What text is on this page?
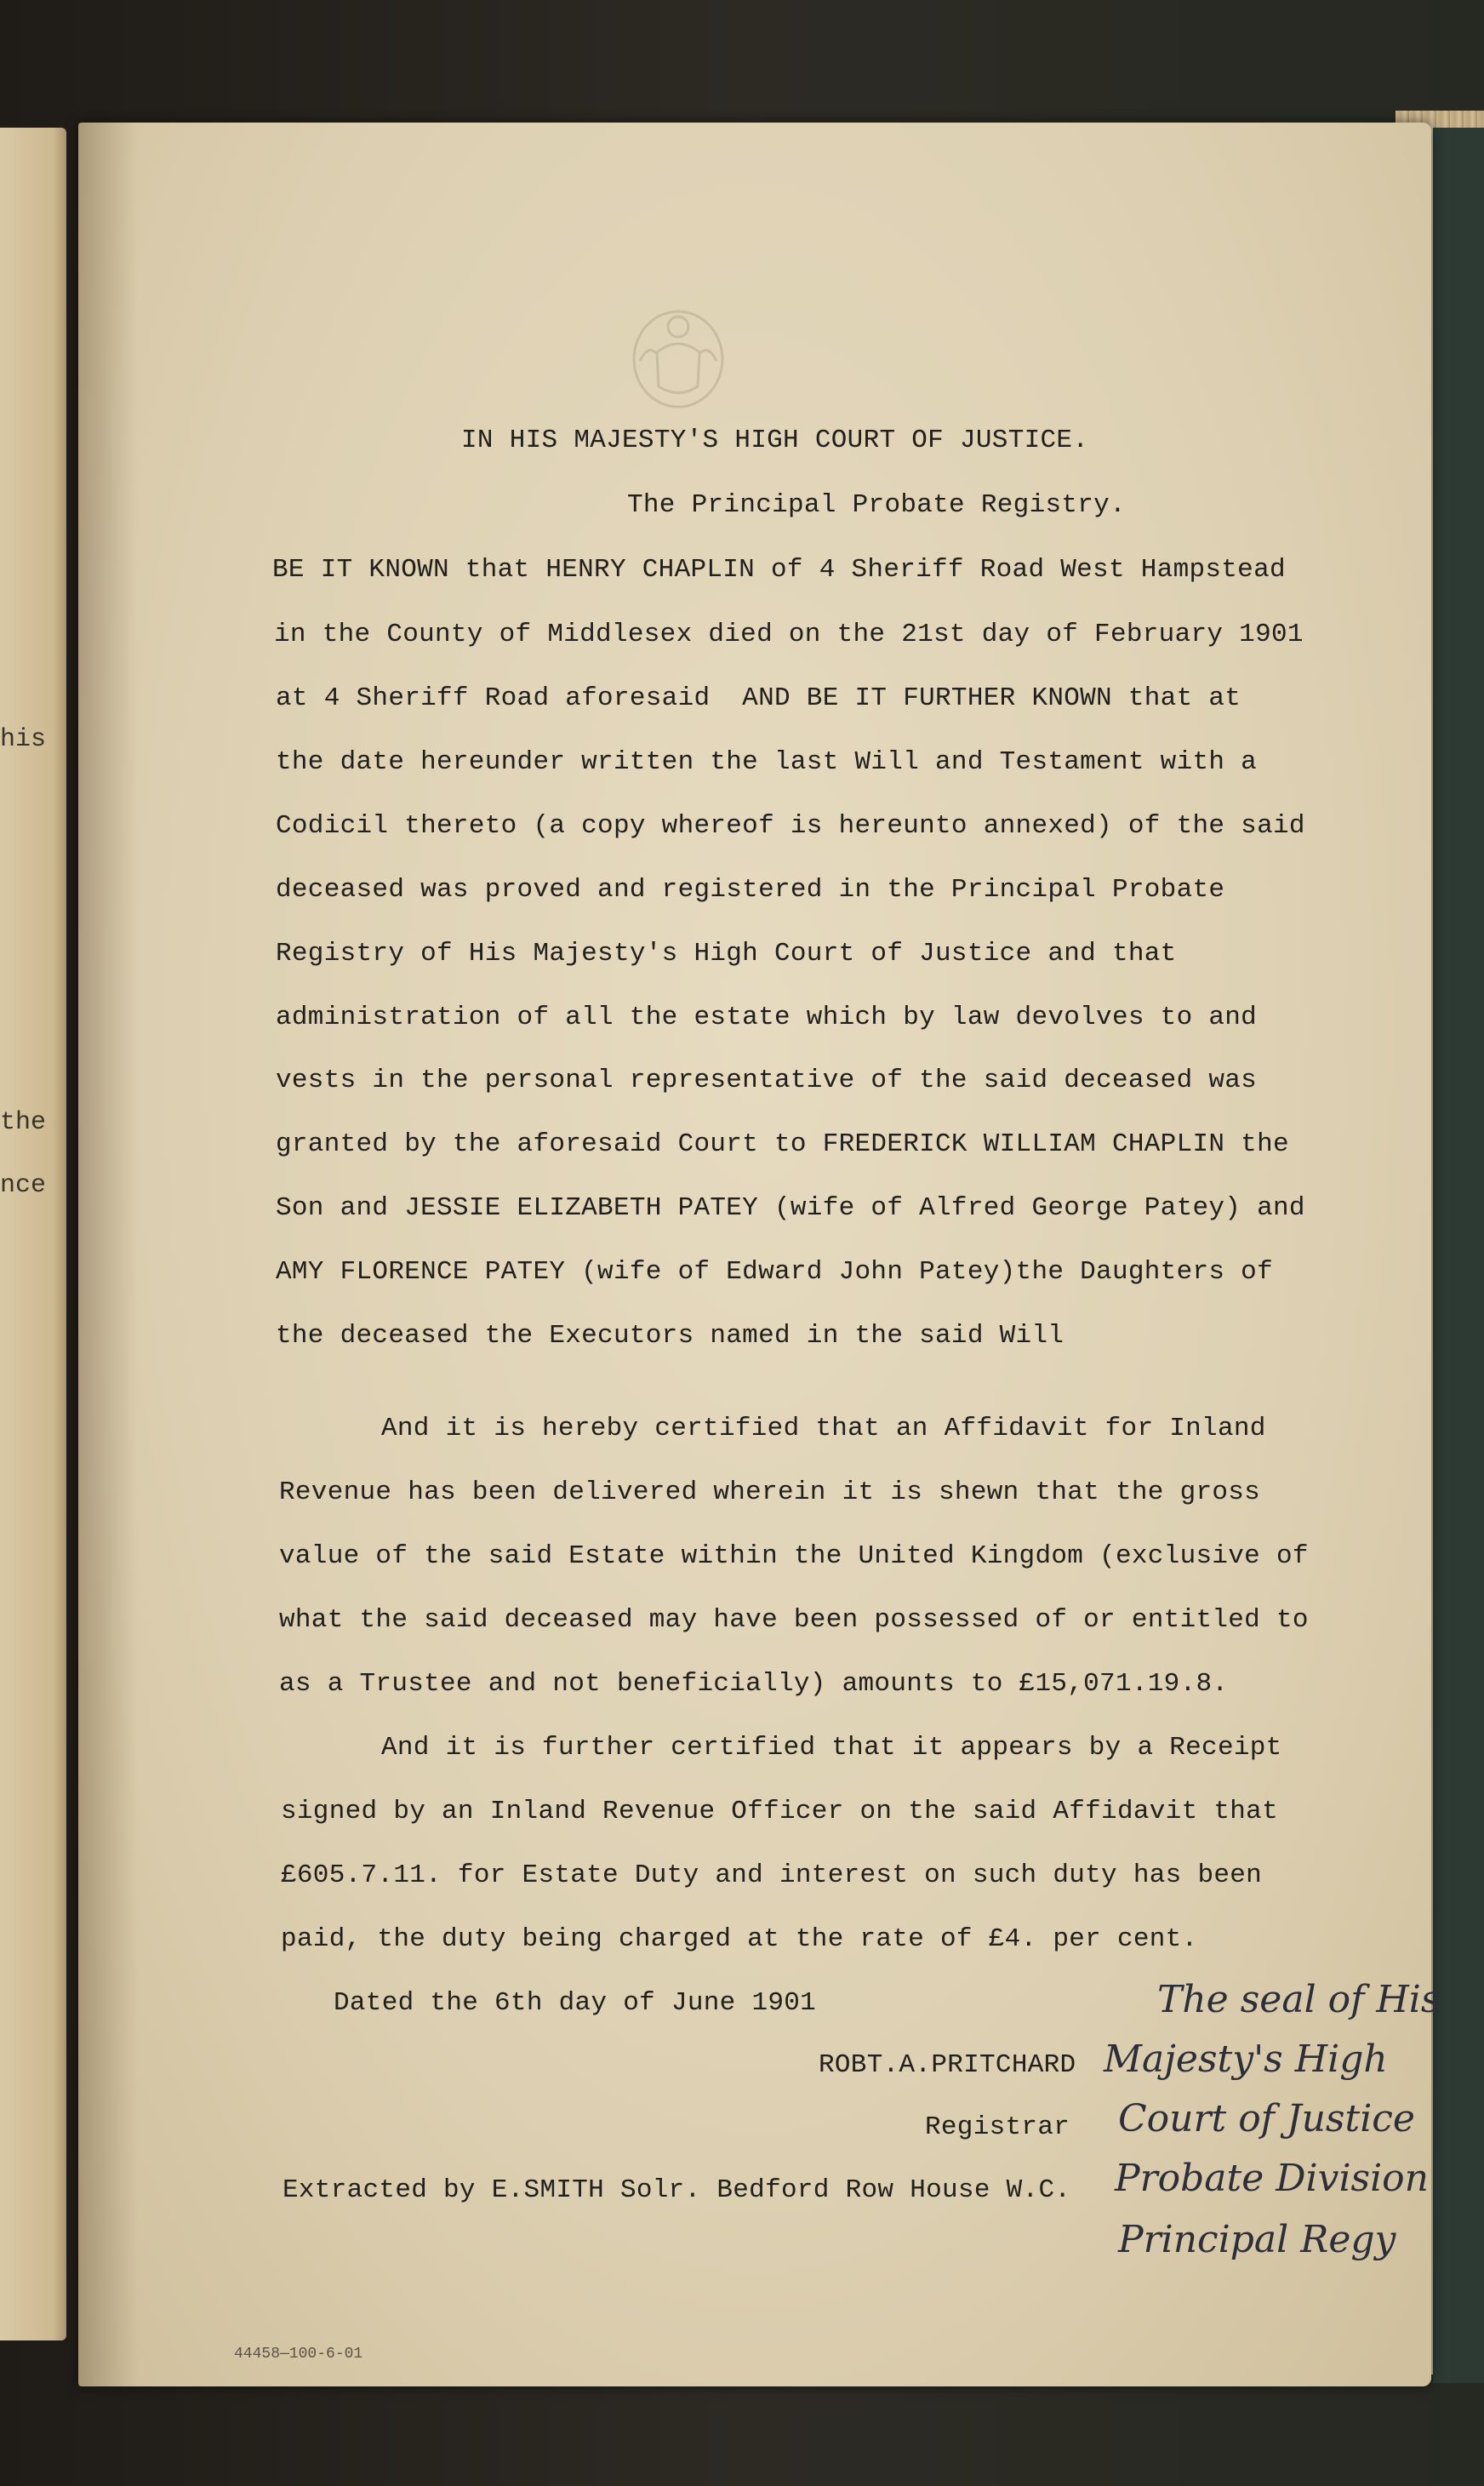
his
the
nce
IN HIS MAJESTY'S HIGH COURT OF JUSTICE.
The Principal Probate Registry.
BE IT KNOWN that HENRY CHAPLIN of 4 Sheriff Road West Hampstead
in the County of Middlesex died on the 21st day of February 1901
at 4 Sheriff Road aforesaid  AND BE IT FURTHER KNOWN that at
the date hereunder written the last Will and Testament with a
Codicil thereto (a copy whereof is hereunto annexed) of the said
deceased was proved and registered in the Principal Probate
Registry of His Majesty's High Court of Justice and that
administration of all the estate which by law devolves to and
vests in the personal representative of the said deceased was
granted by the aforesaid Court to FREDERICK WILLIAM CHAPLIN the
Son and JESSIE ELIZABETH PATEY (wife of Alfred George Patey) and
AMY FLORENCE PATEY (wife of Edward John Patey)the Daughters of
the deceased the Executors named in the said Will
And it is hereby certified that an Affidavit for Inland
Revenue has been delivered wherein it is shewn that the gross
value of the said Estate within the United Kingdom (exclusive of
what the said deceased may have been possessed of or entitled to
as a Trustee and not beneficially) amounts to £15,071.19.8.
And it is further certified that it appears by a Receipt
signed by an Inland Revenue Officer on the said Affidavit that
£605.7.11. for Estate Duty and interest on such duty has been
paid, the duty being charged at the rate of £4. per cent.
Dated the 6th day of June 1901
ROBT.A.PRITCHARD
Registrar
Extracted by E.SMITH Solr. Bedford Row House W.C.
44458—100-6-01
The seal of His
Majesty's High
Court of Justice
Probate Division
Principal Regy
